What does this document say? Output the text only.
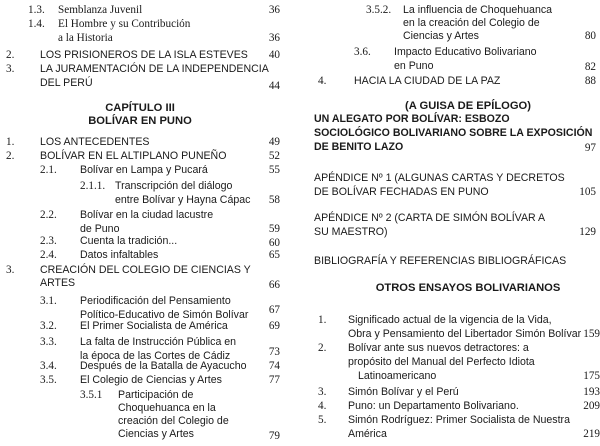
1.3. Semblanza Juvenil	36
1.4. El Hombre y su Contribución
a la Historia	36
2. LOS PRISIONEROS DE LA ISLA ESTEVES	40
3. LA JURAMENTACIÓN DE LA INDEPENDENCIA
DEL PERÚ	44
CAPÍTULO III
BOLÍVAR EN PUNO
1. LOS ANTECEDENTES	49
2. BOLÍVAR EN EL ALTIPLANO PUNEÑO	52
2.1. Bolívar en Lampa y Pucará	55
2.1.1. Transcripción del diálogo
entre Bolívar y Hayna Cápac	58
2.2. Bolívar en la ciudad lacustre
de Puno	59
2.3. Cuenta la tradición...	60
2.4. Datos infaltables	65
3. CREACIÓN DEL COLEGIO DE CIENCIAS Y
ARTES	66
3.1. Periodificación del Pensamiento
Político-Educativo de Simón Bolívar	67
3.2. El Primer Socialista de América	69
3.3. La falta de Instrucción Pública en
la época de las Cortes de Cádiz	73
3.4. Después de la Batalla de Ayacucho	74
3.5. El Colegio de Ciencias y Artes	77
3.5.1 Participación de
Choquehuanca en la
creación del Colegio de
Ciencias y Artes	79
3.5.2. La influencia de Choquehuanca
en la creación del Colegio de
Ciencias y Artes	80
3.6. Impacto Educativo Bolivariano
en Puno	82
4.	HACIA LA CIUDAD DE LA PAZ	88
(A GUISA DE EPÍLOGO)
UN ALEGATO POR BOLÍVAR: ESBOZO
SOCIOLÓGICO BOLIVARIANO SOBRE LA EXPOSICIÓN
DE BENITO LAZO	97
APÉNDICE Nº 1 (ALGUNAS CARTAS Y DECRETOS
DE BOLÍVAR FECHADAS EN PUNO	105
APÉNDICE Nº 2 (CARTA DE SIMÓN BOLÍVAR A
SU MAESTRO)	129
BIBLIOGRAFÍA Y REFERENCIAS BIBLIOGRÁFICAS
OTROS ENSAYOS BOLIVARIANOS
1. Significado actual de la vigencia de la Vida,
Obra y Pensamiento del Libertador Simón Bolívar 159
2. Bolívar ante sus nuevos detractores: a
propósito del Manual del Perfecto Idiota
Latinoamericano	175
3. Simón Bolívar y el Perú	193
4. Puno: un Departamento Bolivariano.	209
5. Simón Rodríguez: Primer Socialista de Nuestra
América	219
